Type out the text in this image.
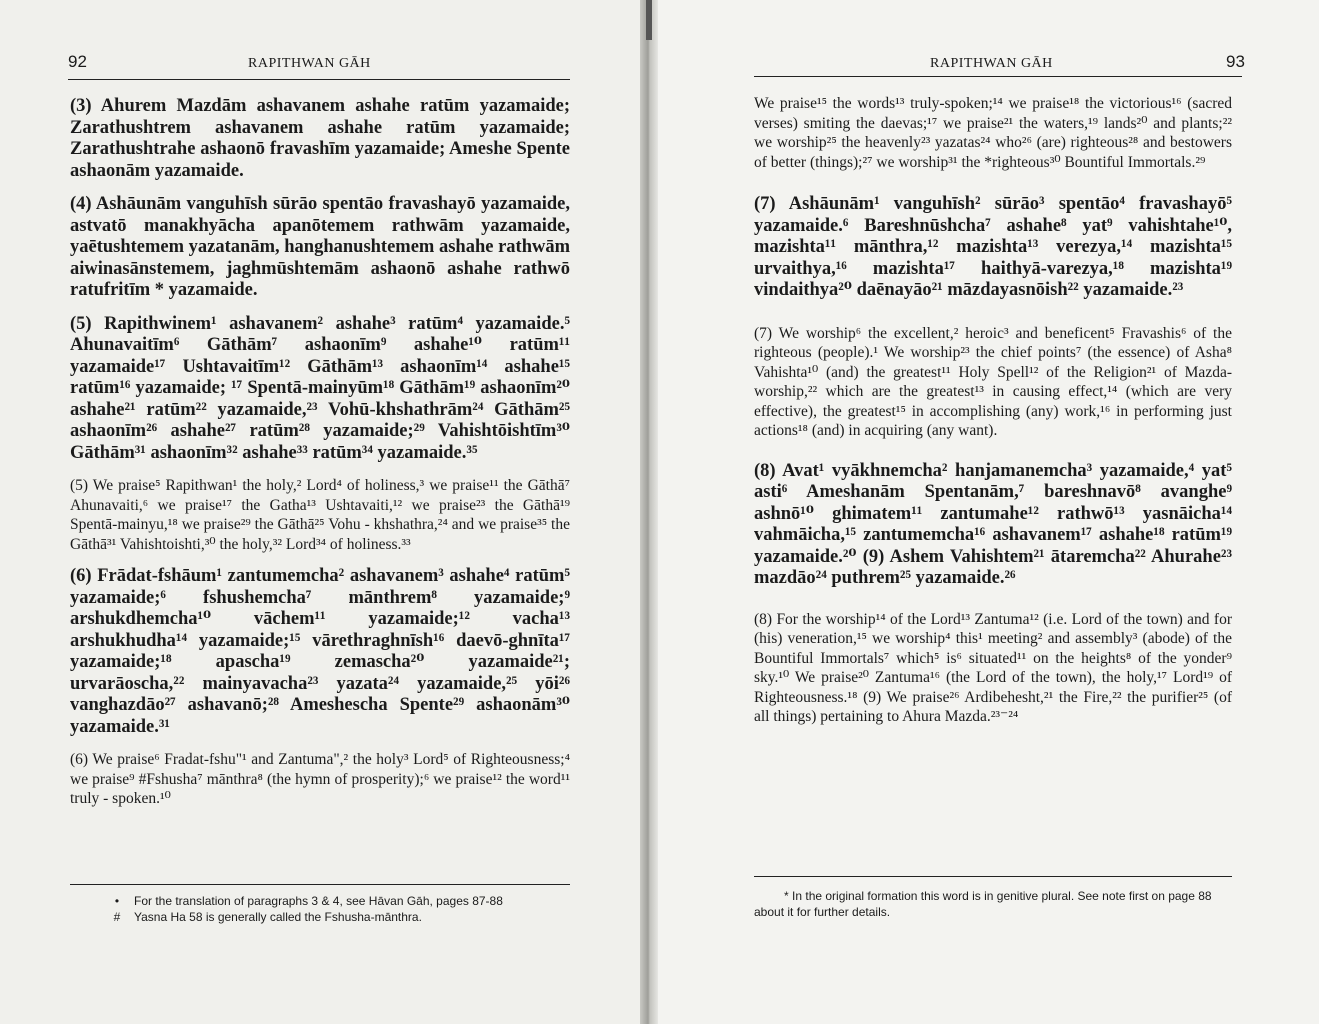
92	RAPITHWAN GĀH

(3) Ahurem Mazdām ashavanem ashahe ratūm yazamaide; Zarathushtrem ashavanem ashahe ratūm yazamaide; Zarathushtrahe ashaonō fravashīm yazamaide; Ameshe Spente ashaonām yazamaide.

(4) Ashāunām vanguhīsh sūrāo spentāo fravashayō yazamaide, astvatō manakhyācha apanōtemem rathwām yazamaide, yaētushtemem yazatanām, hanghanushtemem ashahe rathwām aiwinasānstemem, jaghmūshtemām ashaonō ashahe rathwō ratufritīm * yazamaide.

(5) Rapithwinem¹ ashavanem² ashahe³ ratūm⁴ yazamaide.⁵ Ahunavaitīm⁶ Gāthām⁷ ashaonīm⁹ ashahe¹⁰ ratūm¹¹ yazamaide¹⁷ Ushtavaitīm¹² Gāthām¹³ ashaonīm¹⁴ ashahe¹⁵ ratūm¹⁶ yazamaide; ¹⁷ Spentā-mainyūm¹⁸ Gāthām¹⁹ ashaonīm²⁰ ashahe²¹ ratūm²² yazamaide,²³ Vohū-khshathrām²⁴ Gāthām²⁵ ashaonīm²⁶ ashahe²⁷ ratūm²⁸ yazamaide;²⁹ Vahishtōishtīm³⁰ Gāthām³¹ ashaonīm³² ashahe³³ ratūm³⁴ yazamaide.³⁵

(5) We praise⁵ Rapithwan¹ the holy,² Lord⁴ of holiness,³ we praise¹¹ the Gāthā⁷ Ahunavaiti,⁶ we praise¹⁷ the Gatha¹³ Ushtavaiti,¹² we praise²³ the Gāthā¹⁹ Spentā-mainyu,¹⁸ we praise²⁹ the Gāthā²⁵ Vohu - khshathra,²⁴ and we praise³⁵ the Gāthā³¹ Vahishtoishti,³⁰ the holy,³² Lord³⁴ of holiness.³³

(6) Frādat-fshāum¹ zantumemcha² ashavanem³ ashahe⁴ ratūm⁵ yazamaide;⁶ fshushemcha⁷ mānthrem⁸ yazamaide;⁹ arshukdhemcha¹⁰ vāchem¹¹ yazamaide;¹² vacha¹³ arshukhudha¹⁴ yazamaide;¹⁵ vārethraghnīsh¹⁶ daevō-ghnīta¹⁷ yazamaide;¹⁸ apascha¹⁹ zemascha²⁰ yazamaide²¹; urvarāoscha,²² mainyavacha²³ yazata²⁴ yazamaide,²⁵ yōi²⁶ vanghazdāo²⁷ ashavanō;²⁸ Ameshescha Spente²⁹ ashaonām³⁰ yazamaide.³¹

(6) We praise⁶ Fradat-fshu"¹ and Zantuma",² the holy³ Lord⁵ of Righteousness;⁴ we praise⁹ #Fshusha⁷ mānthra⁸ (the hymn of prosperity);⁶ we praise¹² the word¹¹ truly - spoken.¹⁰

•	For the translation of paragraphs 3 & 4, see Hāvan Gāh, pages 87-88
#	Yasna Ha 58 is generally called the Fshusha-mānthra.
RAPITHWAN GĀH	93

We praise¹⁵ the words¹³ truly-spoken;¹⁴ we praise¹⁸ the victorious¹⁶ (sacred verses) smiting the daevas;¹⁷ we praise²¹ the waters,¹⁹ lands²⁰ and plants;²² we worship²⁵ the heavenly²³ yazatas²⁴ who²⁶ (are) righteous²⁸ and bestowers of better (things);²⁷ we worship³¹ the *righteous³⁰ Bountiful Immortals.²⁹

(7) Ashāunām¹ vanguhīsh² sūrāo³ spentāo⁴ fravashayō⁵ yazamaide.⁶ Bareshnūshcha⁷ ashahe⁸ yat⁹ vahishtahe¹⁰, mazishta¹¹ mānthra,¹² mazishta¹³ verezya,¹⁴ mazishta¹⁵ urvaithya,¹⁶ mazishta¹⁷ haithyā-varezya,¹⁸ mazishta¹⁹ vindaithya²⁰ daēnayāo²¹ māzdayasnōish²² yazamaide.²³

(7) We worship⁶ the excellent,² heroic³ and beneficent⁵ Fravashis⁶ of the righteous (people).¹ We worship²³ the chief points⁷ (the essence) of Asha⁸ Vahishta¹⁰ (and) the greatest¹¹ Holy Spell¹² of the Religion²¹ of Mazda-worship,²² which are the greatest¹³ in causing effect,¹⁴ (which are very effective), the greatest¹⁵ in accomplishing (any) work,¹⁶ in performing just actions¹⁸ (and) in acquiring (any want).

(8) Avat¹ vyākhnemcha² hanjamanemcha³ yazamaide,⁴ yat⁵ asti⁶ Ameshanām Spentanām,⁷ bareshnavō⁸ avanghe⁹ ashnō¹⁰ ghimatem¹¹ zantumahe¹² rathwō¹³ yasnāicha¹⁴ vahmāicha,¹⁵ zantumemcha¹⁶ ashavanem¹⁷ ashahe¹⁸ ratūm¹⁹ yazamaide.²⁰ (9) Ashem Vahishtem²¹ ātaremcha²² Ahurahe²³ mazdāo²⁴ puthrem²⁵ yazamaide.²⁶

(8) For the worship¹⁴ of the Lord¹³ Zantuma¹² (i.e. Lord of the town) and for (his) veneration,¹⁵ we worship⁴ this¹ meeting² and assembly³ (abode) of the Bountiful Immortals⁷ which⁵ is⁶ situated¹¹ on the heights⁸ of the yonder⁹ sky.¹⁰ We praise²⁰ Zantuma¹⁶ (the Lord of the town), the holy,¹⁷ Lord¹⁹ of Righteousness.¹⁸ (9) We praise²⁶ Ardibehesht,²¹ the Fire,²² the purifier²⁵ (of all things) pertaining to Ahura Mazda.²³⁻²⁴

* In the original formation this word is in genitive plural. See note first on page 88 about it for further details.
